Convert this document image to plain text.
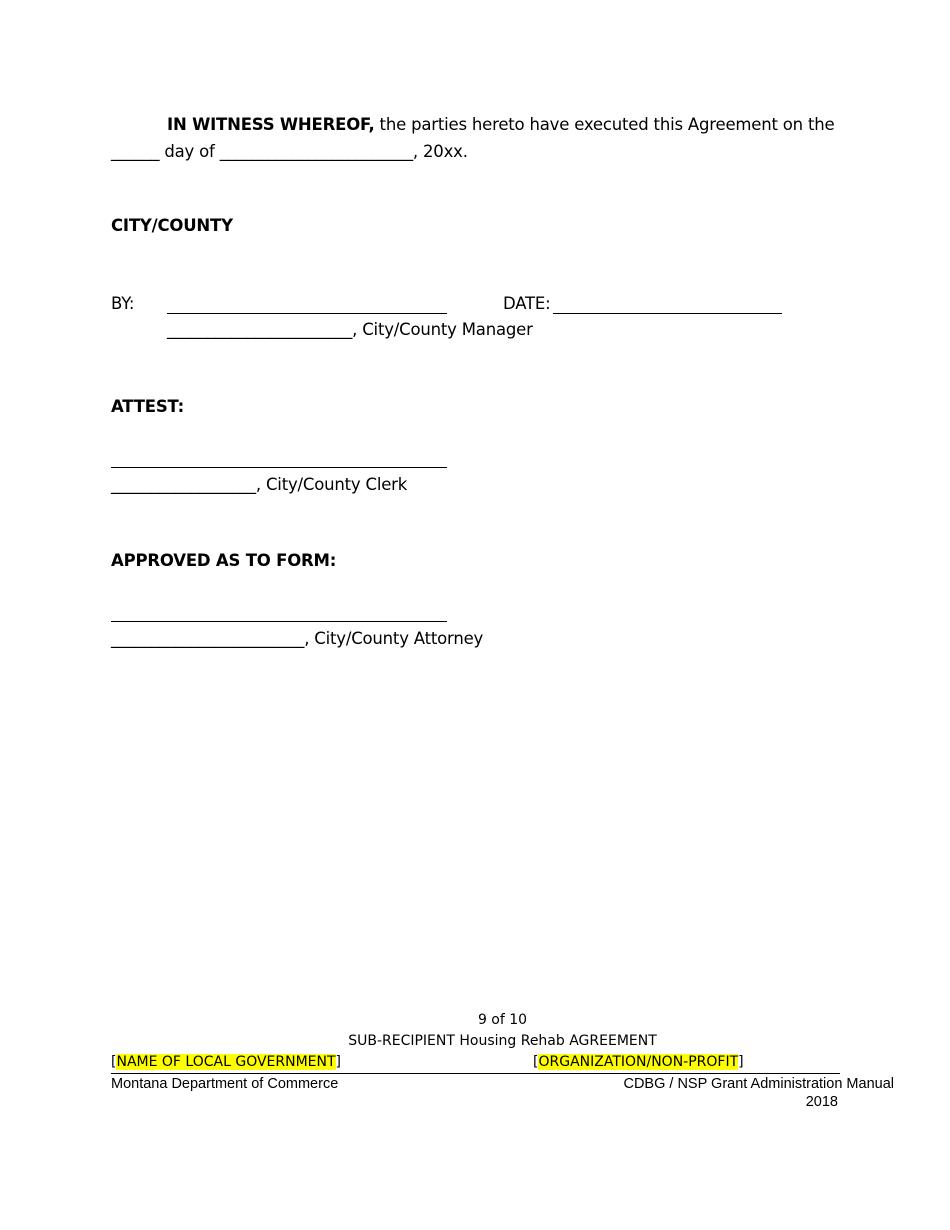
IN WITNESS WHEREOF, the parties hereto have executed this Agreement on the
______ day of ________________________, 20xx.
CITY/COUNTY
BY:	DATE:
_______________________, City/County Manager
ATTEST:
__________________, City/County Clerk
APPROVED AS TO FORM:
________________________, City/County Attorney
9 of 10
SUB-RECIPIENT Housing Rehab AGREEMENT
[NAME OF LOCAL GOVERNMENT]	[ORGANIZATION/NON-PROFIT]
Montana Department of Commerce	CDBG / NSP Grant Administration Manual
2018
